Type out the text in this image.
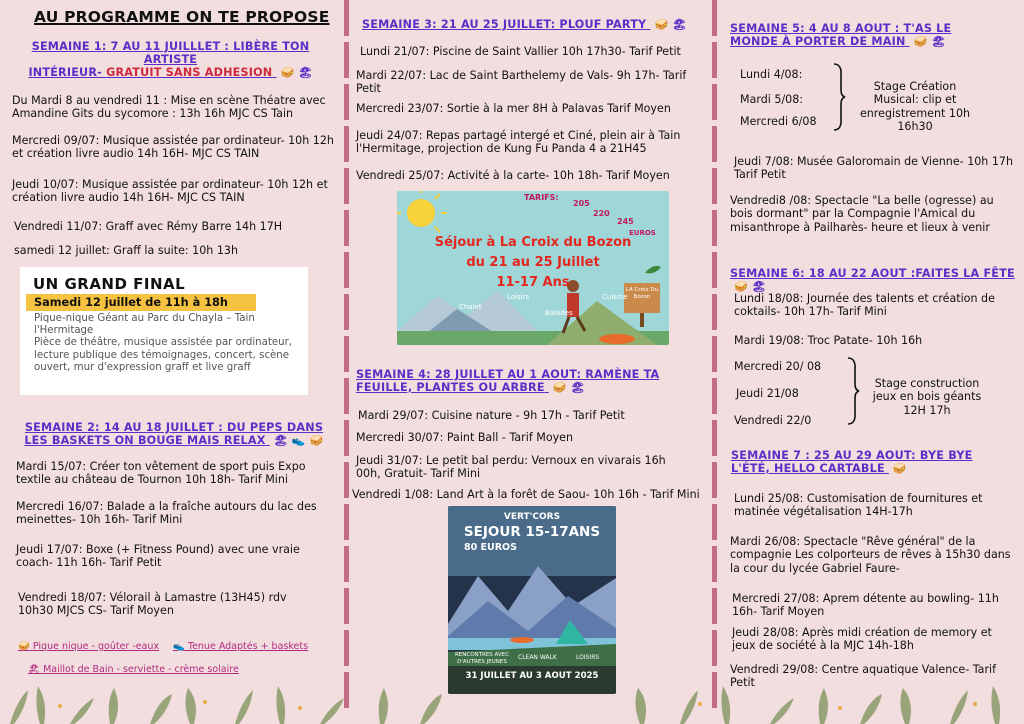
AU PROGRAMME ON TE PROPOSE
SEMAINE 1: 7 AU 11 JUILLLET : LIBÈRE TON ARTISTE
INTÉRIEUR- GRATUIT SANS ADHESION 🥪 🏖
Du Mardi 8 au vendredi 11 : Mise en scène Théatre avec Amandine Gits du sycomore : 13h 16h MJC CS Tain
Mercredi 09/07: Musique assistée par ordinateur- 10h 12h et création livre audio 14h 16H- MJC CS TAIN
Jeudi 10/07: Musique assistée par ordinateur- 10h 12h et création livre audio 14h 16H- MJC CS TAIN
Vendredi 11/07: Graff avec Rémy Barre 14h 17H
samedi 12 juillet: Graff la suite: 10h 13h
UN GRAND FINAL
Samedi 12 juillet de 11h à 18h
Pique-nique Géant au Parc du Chayla – Tain l'Hermitage
Pièce de théâtre, musique assistée par ordinateur, lecture publique des témoignages, concert, scène ouvert, mur d'expression graff et live graff
SEMAINE 2: 14 AU 18 JUILLET : DU PEPS DANS LES BASKETS ON BOUGE MAIS RELAX 🏖 👟 🥪
Mardi 15/07: Créer ton vêtement de sport puis Expo textile au château de Tournon 10h 18h- Tarif Mini
Mercredi 16/07: Balade a la fraîche autours du lac des meinettes- 10h 16h- Tarif Mini
Jeudi 17/07: Boxe (+ Fitness Pound) avec une vraie coach- 11h 16h- Tarif Petit
Vendredi 18/07: Vélorail à Lamastre (13H45) rdv 10h30 MJCS CS- Tarif Moyen
🥪 Pique nique - goûter -eaux 👟 Tenue Adaptés + baskets
🏖 Maillot de Bain - serviette - crème solaire
SEMAINE 3: 21 AU 25 JUILLET: PLOUF PARTY 🥪 🏖
Lundi 21/07: Piscine de Saint Vallier 10h 17h30- Tarif Petit
Mardi 22/07: Lac de Saint Barthelemy de Vals- 9h 17h- Tarif Petit
Mercredi 23/07: Sortie à la mer 8H à Palavas Tarif Moyen
Jeudi 24/07: Repas partagé intergé et Ciné, plein air à Tain l'Hermitage, projection de Kung Fu Panda 4 a 21H45
Vendredi 25/07: Activité à la carte- 10h 18h- Tarif Moyen
TARIFS:
205
220
245
EUROS
Séjour à La Croix du Bozon
du 21 au 25 Juillet
11-17 Ans	LA Croix Du Bozon
Chalet
Loisirs
Balades
Cuisine
SEMAINE 4: 28 JUILLET AU 1 AOUT: RAMÈNE TA FEUILLE, PLANTES OU ARBRE 🥪 🏖
Mardi 29/07: Cuisine nature - 9h 17h - Tarif Petit
Mercredi 30/07: Paint Ball - Tarif Moyen
Jeudi 31/07: Le petit bal perdu: Vernoux en vivarais 16h 00h, Gratuit- Tarif Mini
Vendredi 1/08: Land Art à la forêt de Saou- 10h 16h - Tarif Mini
VERT'CORS
SEJOUR 15-17ANS
80 EUROS
RENCONTRES AVEC D'AUTRES JEUNES
CLEAN WALK	LOISIRS
31 JUILLET AU 3 AOUT 2025
SEMAINE 5: 4 AU 8 AOUT : T'AS LE MONDE À PORTER DE MAIN 🥪 🏖
Lundi 4/08:
Mardi 5/08:
Mercredi 6/08
Stage Création Musical: clip et enregistrement 10h 16h30
Jeudi 7/08: Musée Galoromain de Vienne- 10h 17h Tarif Petit
Vendredi8 /08: Spectacle "La belle (ogresse) au bois dormant" par la Compagnie l'Amical du misanthrope à Pailharès- heure et lieux à venir
SEMAINE 6: 18 AU 22 AOUT :FAITES LA FÊTE 🥪 🏖
Lundi 18/08: Journée des talents et création de coktails- 10h 17h- Tarif Mini
Mardi 19/08: Troc Patate- 10h 16h
Mercredi 20/ 08
Jeudi 21/08
Vendredi 22/0
Stage construction jeux en bois géants 12H 17h
SEMAINE 7 : 25 AU 29 AOUT: BYE BYE L'ÉTÉ, HELLO CARTABLE 🥪
Lundi 25/08: Customisation de fournitures et matinée végétalisation 14H-17h
Mardi 26/08: Spectacle "Rêve général" de la compagnie Les colporteurs de rêves à 15h30 dans la cour du lycée Gabriel Faure-
Mercredi 27/08: Aprem détente au bowling- 11h 16h- Tarif Moyen
Jeudi 28/08: Après midi création de memory et jeux de société à la MJC 14h-18h
Vendredi 29/08: Centre aquatique Valence- Tarif Petit
